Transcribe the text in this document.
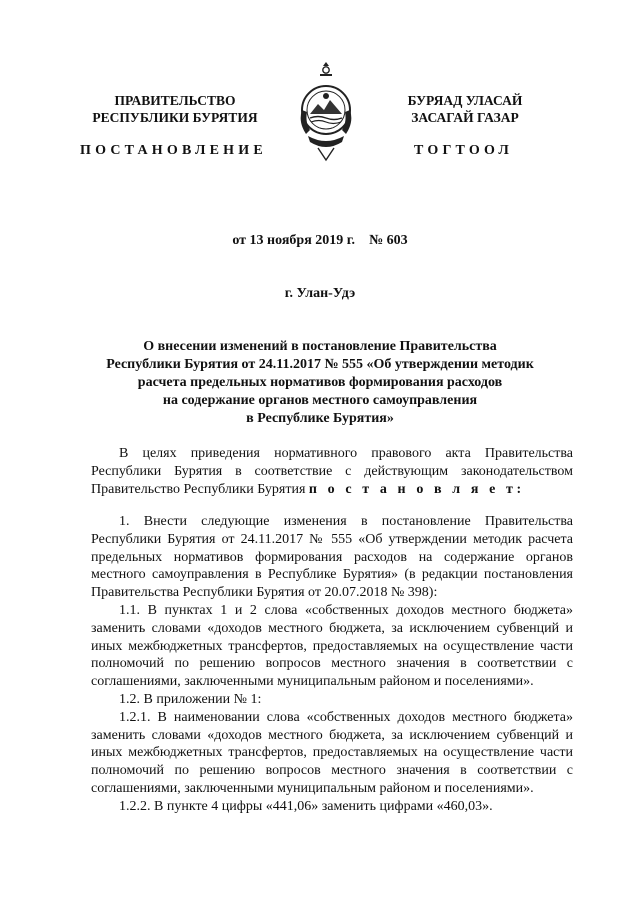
ПРАВИТЕЛЬСТВО
РЕСПУБЛИКИ БУРЯТИЯ
ПОСТАНОВЛЕНИЕ
БУРЯАД УЛАСАЙ
ЗАСАГАЙ ГАЗАР
ТОГТООЛ
от 13 ноября 2019 г. № 603
г. Улан-Удэ
О внесении изменений в постановление Правительства
Республики Бурятия от 24.11.2017 № 555 «Об утверждении методик
расчета предельных нормативов формирования расходов
на содержание органов местного самоуправления
в Республике Бурятия»

В целях приведения нормативного правового акта Правительства Республики Бурятия в соответствие с действующим законодательством Правительство Республики Бурятия п о с т а н о в л я е т:

1. Внести следующие изменения в постановление Правительства Республики Бурятия от 24.11.2017 № 555 «Об утверждении методик расчета предельных нормативов формирования расходов на содержание органов местного самоуправления в Республике Бурятия» (в редакции постановления Правительства Республики Бурятия от 20.07.2018 № 398):

1.1. В пунктах 1 и 2 слова «собственных доходов местного бюджета» заменить словами «доходов местного бюджета, за исключением субвенций и иных межбюджетных трансфертов, предоставляемых на осуществление части полномочий по решению вопросов местного значения в соответствии с соглашениями, заключенными муниципальным районом и поселениями».

1.2. В приложении № 1:

1.2.1. В наименовании слова «собственных доходов местного бюджета» заменить словами «доходов местного бюджета, за исключением субвенций и иных межбюджетных трансфертов, предоставляемых на осуществление части полномочий по решению вопросов местного значения в соответствии с соглашениями, заключенными муниципальным районом и поселениями».

1.2.2. В пункте 4 цифры «441,06» заменить цифрами «460,03».
